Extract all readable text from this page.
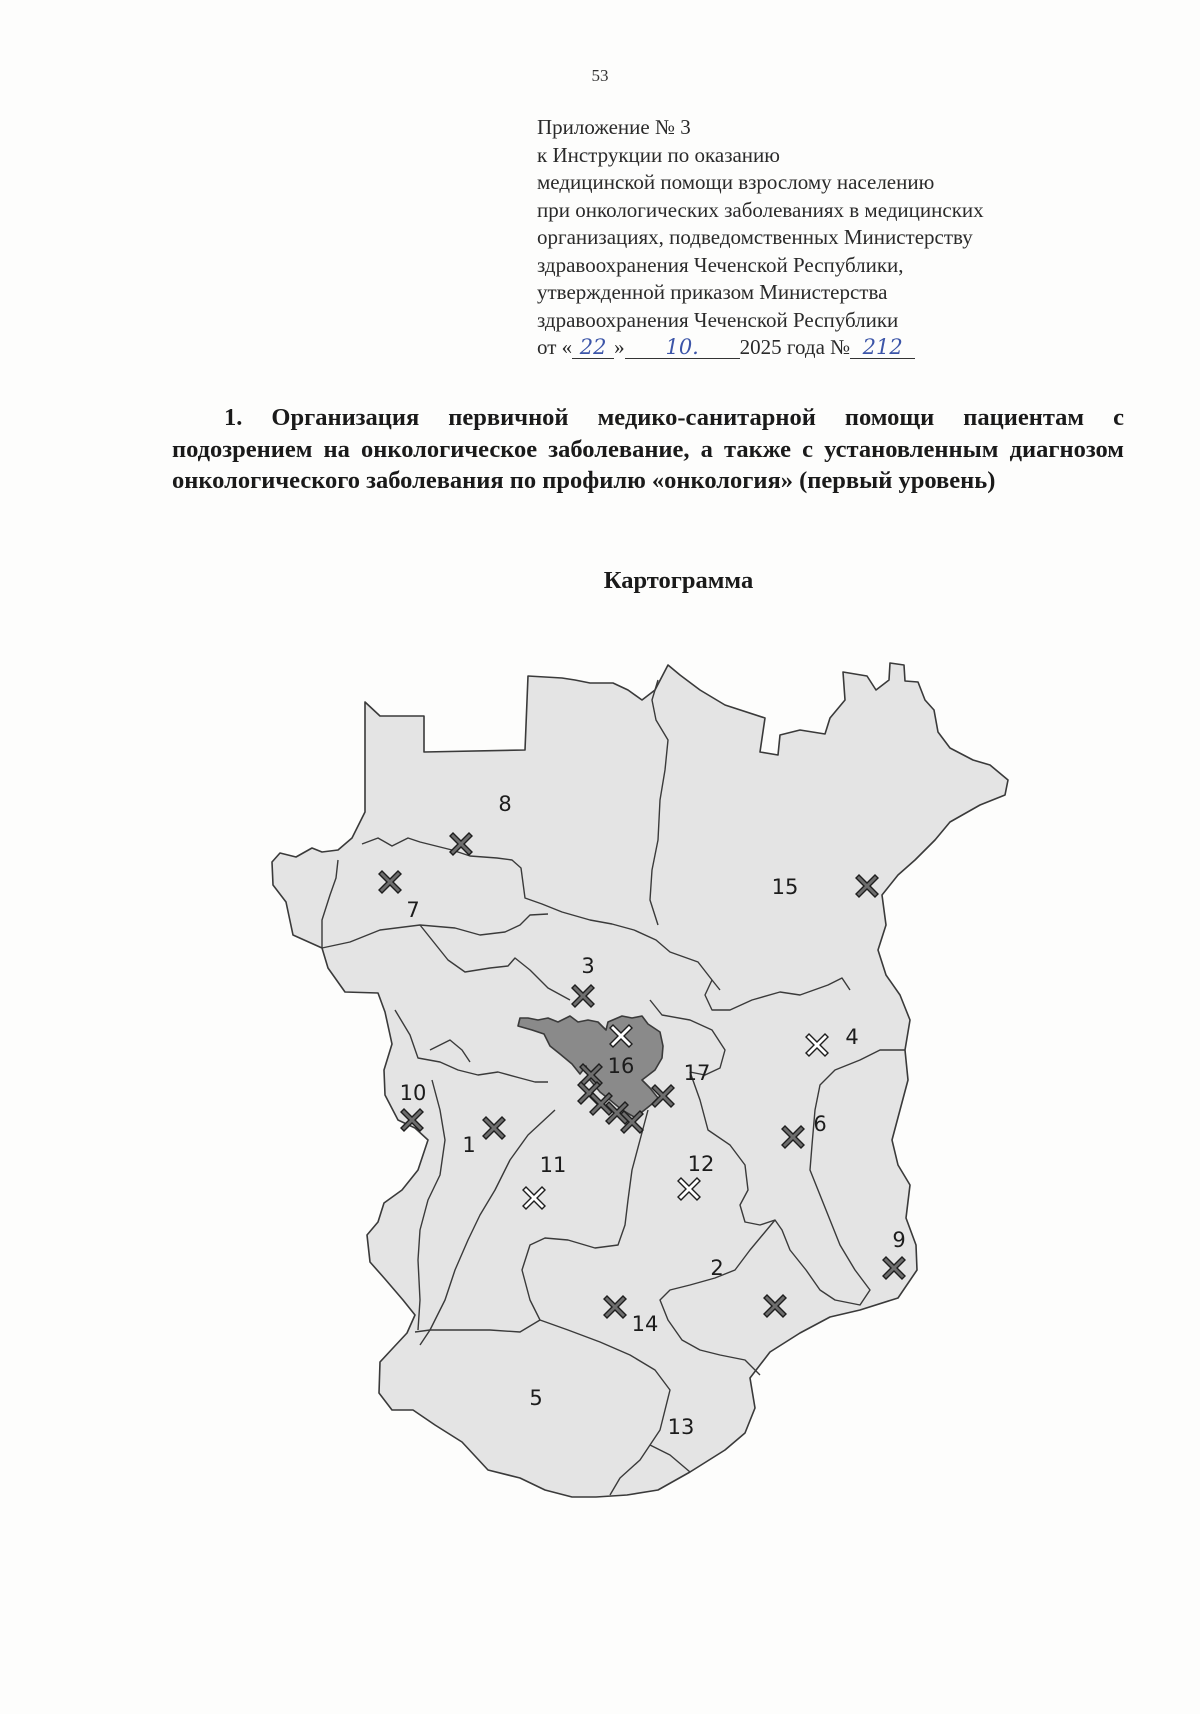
53
Приложение № 3
к Инструкции по оказанию
медицинской помощи взрослому населению
при онкологических заболеваниях в медицинских
организациях, подведомственных Министерству
здравоохранения Чеченской Республики,
утвержденной приказом Министерства
здравоохранения Чеченской Республики
от « 22 » 10. 2025 года № 212
1. Организация первичной медико-санитарной помощи пациентам с подозрением на онкологическое заболевание, а также с установленным диагнозом онкологического заболевания по профилю «онкология» (первый уровень)
Картограмма
8
7
15
3
4
16 17
10
1
6
11	12
9
2
14
5
13
